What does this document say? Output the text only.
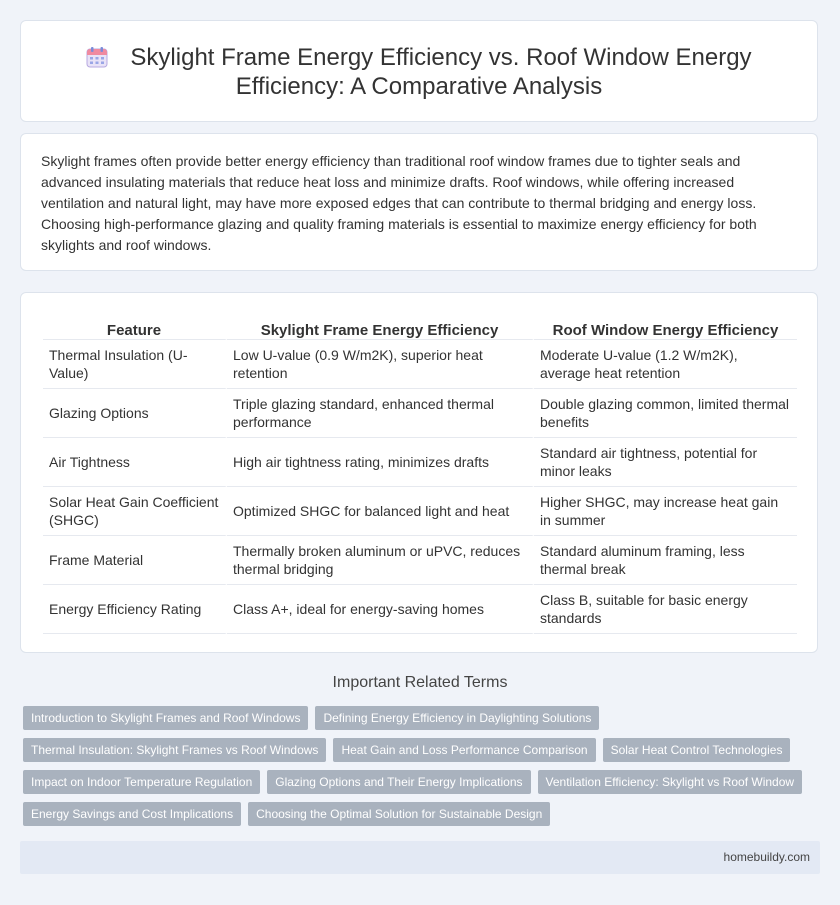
Skylight Frame Energy Efficiency vs. Roof Window Energy Efficiency: A Comparative Analysis

Skylight frames often provide better energy efficiency than traditional roof window frames due to tighter seals and advanced insulating materials that reduce heat loss and minimize drafts. Roof windows, while offering increased ventilation and natural light, may have more exposed edges that can contribute to thermal bridging and energy loss. Choosing high-performance glazing and quality framing materials is essential to maximize energy efficiency for both skylights and roof windows.

Feature	Skylight Frame Energy Efficiency	Roof Window Energy Efficiency
Thermal Insulation (U-Value)	Low U-value (0.9 W/m2K), superior heat retention	Moderate U-value (1.2 W/m2K), average heat retention
Glazing Options	Triple glazing standard, enhanced thermal performance	Double glazing common, limited thermal benefits
Air Tightness	High air tightness rating, minimizes drafts	Standard air tightness, potential for minor leaks
Solar Heat Gain Coefficient (SHGC)	Optimized SHGC for balanced light and heat	Higher SHGC, may increase heat gain in summer
Frame Material	Thermally broken aluminum or uPVC, reduces thermal bridging	Standard aluminum framing, less thermal break
Energy Efficiency Rating	Class A+, ideal for energy-saving homes	Class B, suitable for basic energy standards
Important Related Terms
Introduction to Skylight Frames and Roof Windows	Defining Energy Efficiency in Daylighting Solutions
Thermal Insulation: Skylight Frames vs Roof Windows	Heat Gain and Loss Performance Comparison	Solar Heat Control Technologies
Impact on Indoor Temperature Regulation	Glazing Options and Their Energy Implications	Ventilation Efficiency: Skylight vs Roof Window
Energy Savings and Cost Implications	Choosing the Optimal Solution for Sustainable Design
homebuildy.com
